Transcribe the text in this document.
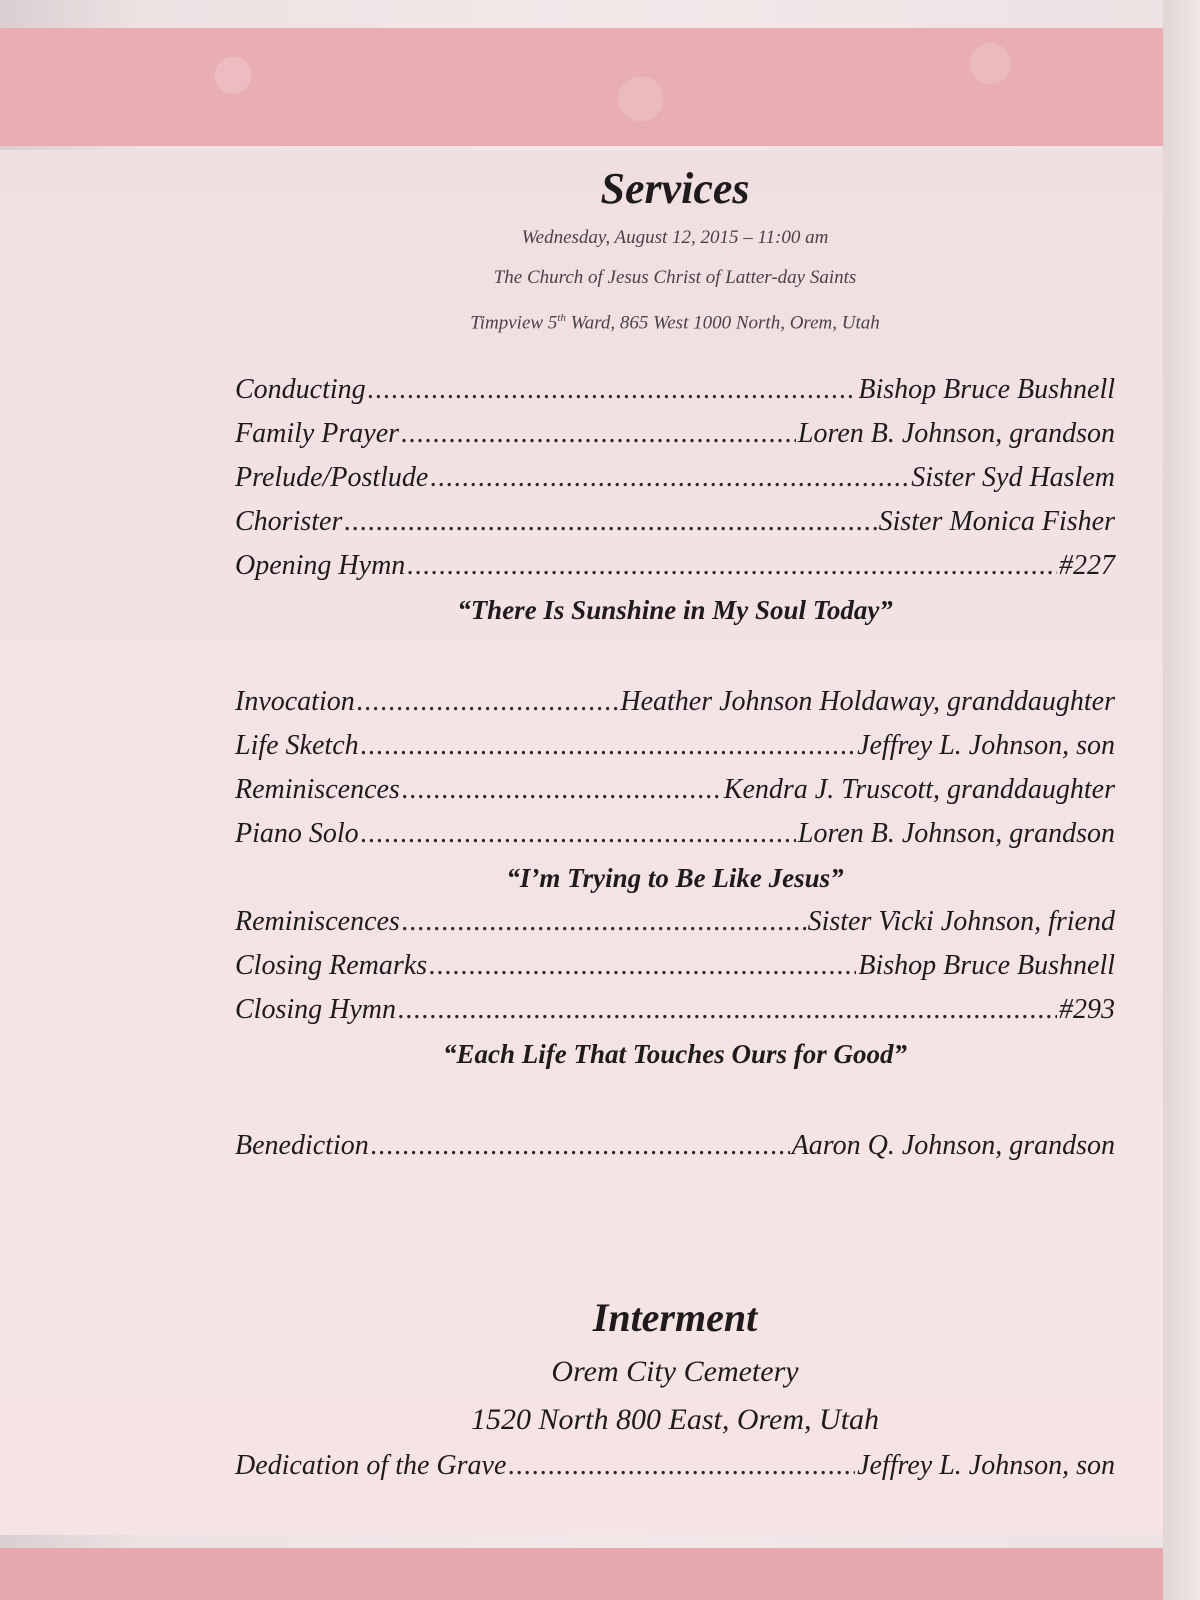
Services
Wednesday, August 12, 2015 – 11:00 am
The Church of Jesus Christ of Latter-day Saints
Timpview 5th Ward, 865 West 1000 North, Orem, Utah
Conducting .....	Bishop Bruce Bushnell
Family Prayer .....	Loren B. Johnson, grandson
Prelude/Postlude .....	Sister Syd Haslem
Chorister .....	Sister Monica Fisher
Opening Hymn .....	#227
“There Is Sunshine in My Soul Today”
Invocation .....	Heather Johnson Holdaway, granddaughter
Life Sketch .....	Jeffrey L. Johnson, son
Reminiscences .....	Kendra J. Truscott, granddaughter
Piano Solo .....	Loren B. Johnson, grandson
“I’m Trying to Be Like Jesus”
Reminiscences .....	Sister Vicki Johnson, friend
Closing Remarks .....	Bishop Bruce Bushnell
Closing Hymn .....	#293
“Each Life That Touches Ours for Good”
Benediction .....	Aaron Q. Johnson, grandson
Interment
Orem City Cemetery
1520 North 800 East, Orem, Utah
Dedication of the Grave .....	Jeffrey L. Johnson, son
